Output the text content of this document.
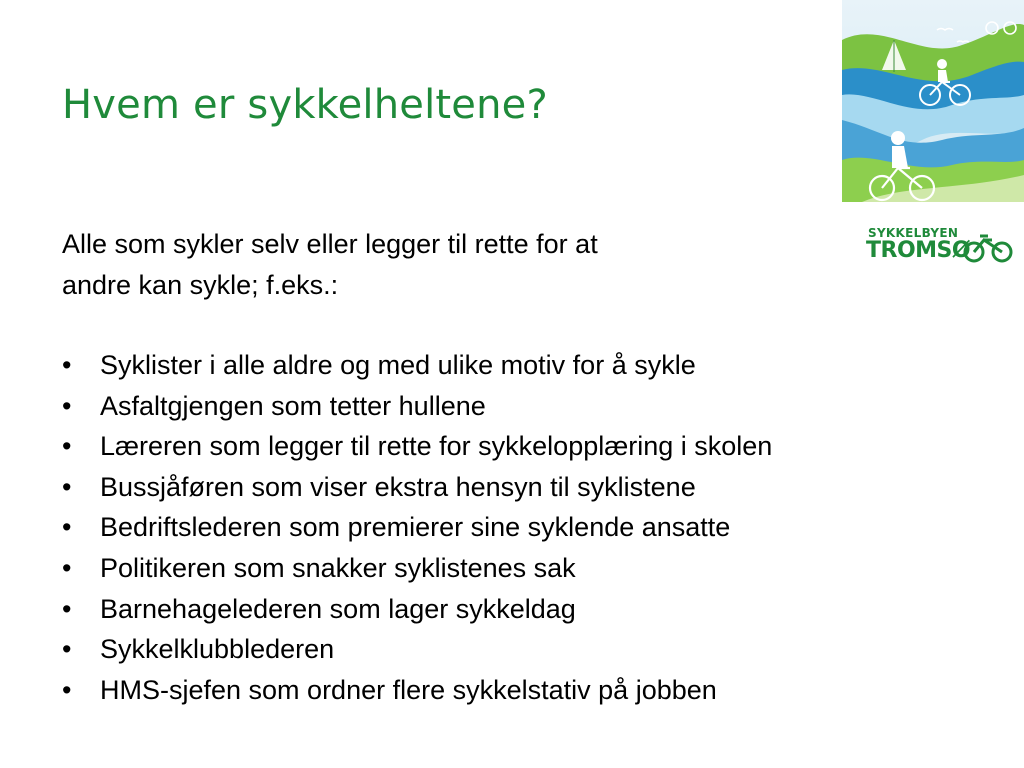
Hvem er sykkelheltene?
Alle som sykler selv eller legger til rette for at
andre kan sykle; f.eks.:
• Syklister i alle aldre og med ulike motiv for å sykle
• Asfaltgjengen som tetter hullene
• Læreren som legger til rette for sykkelopplæring i skolen
• Bussjåføren som viser ekstra hensyn til syklistene
• Bedriftslederen som premierer sine syklende ansatte
• Politikeren som snakker syklistenes sak
• Barnehagelederen som lager sykkeldag
• Sykkelklubblederen
• HMS-sjefen som ordner flere sykkelstativ på jobben
SYKKELBYEN
TROMSØ
